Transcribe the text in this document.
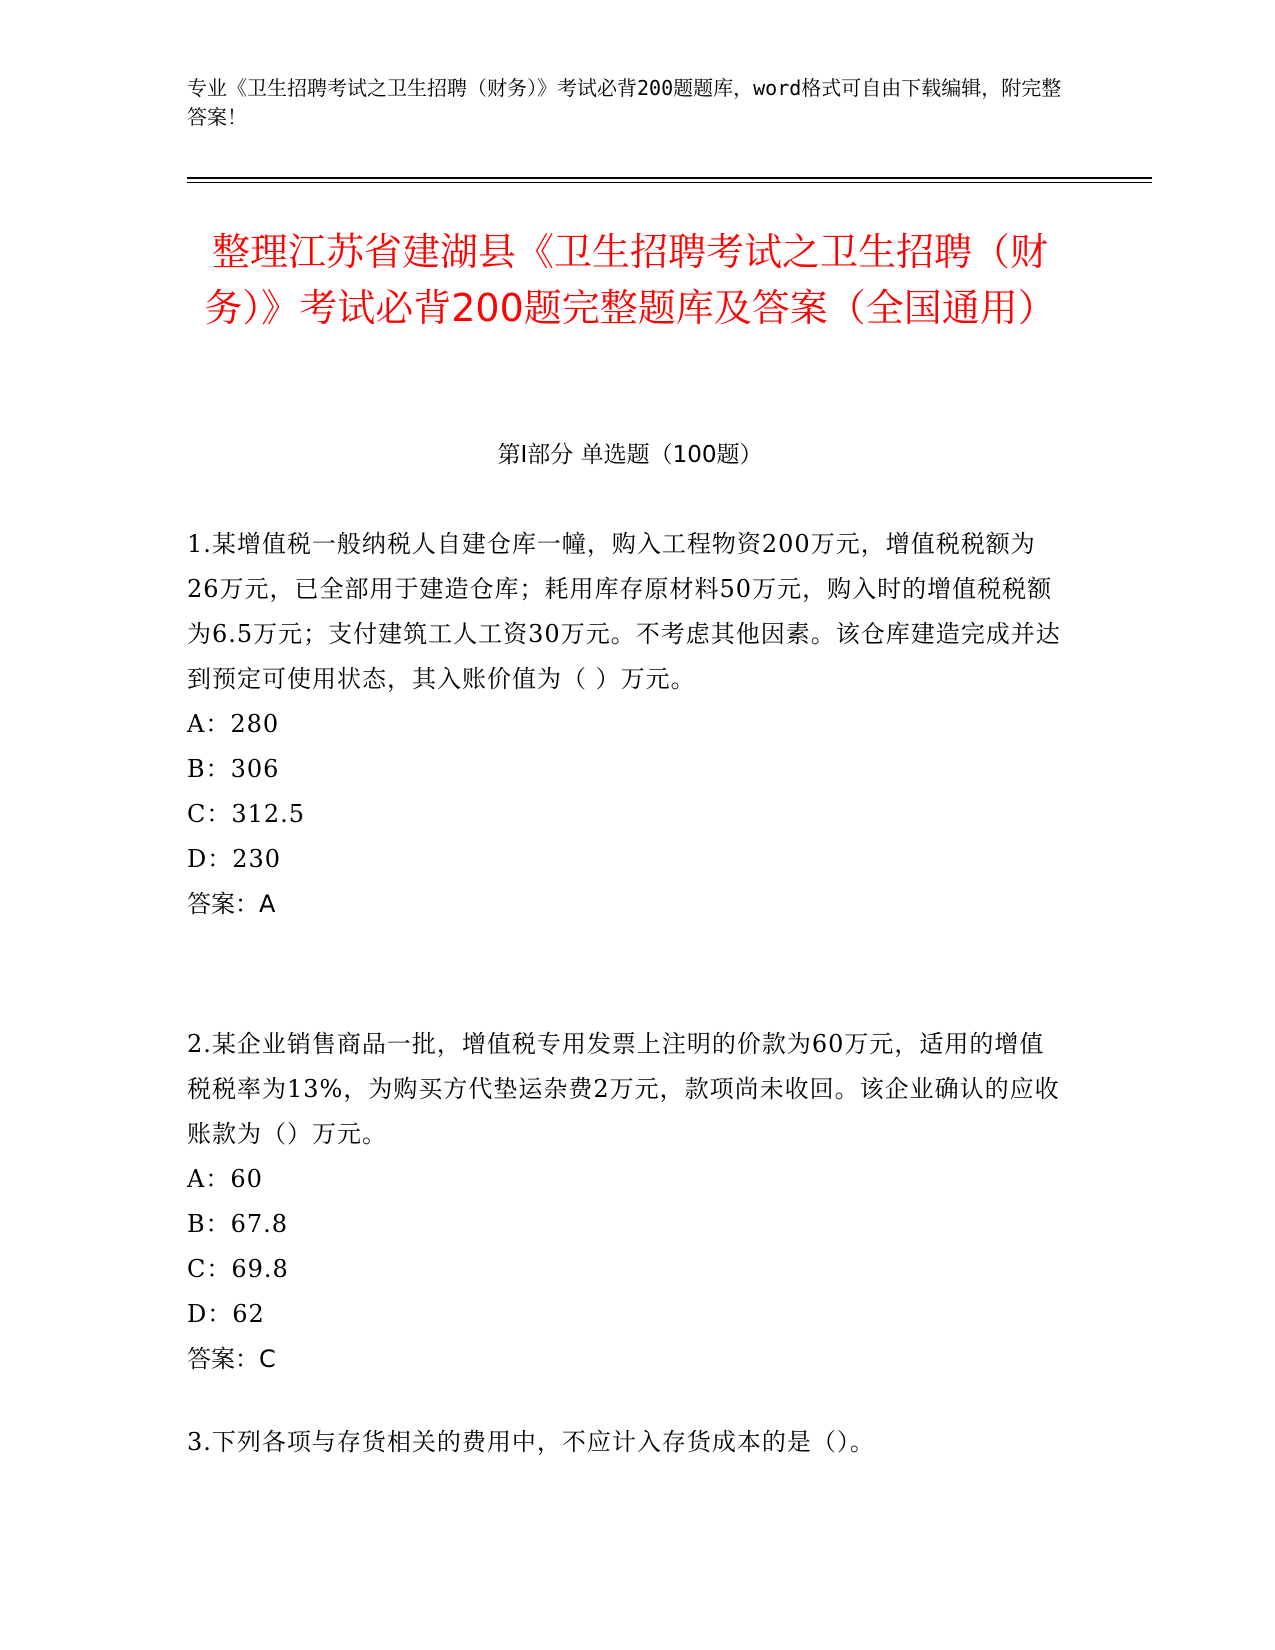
专业《卫生招聘考试之卫生招聘（财务）》考试必背200题题库，word格式可自由下载编辑，附完整答案！
整理江苏省建湖县《卫生招聘考试之卫生招聘（财务）》考试必背200题完整题库及答案（全国通用）
第I部分 单选题（100题）
1.某增值税一般纳税人自建仓库一幢，购入工程物资200万元，增值税税额为26万元，已全部用于建造仓库；耗用库存原材料50万元，购入时的增值税税额为6.5万元；支付建筑工人工资30万元。不考虑其他因素。该仓库建造完成并达到预定可使用状态，其入账价值为（ ）万元。
A：280
B：306
C：312.5
D：230
答案：A
2.某企业销售商品一批，增值税专用发票上注明的价款为60万元，适用的增值税税率为13%，为购买方代垫运杂费2万元，款项尚未收回。该企业确认的应收账款为（）万元。
A：60
B：67.8
C：69.8
D：62
答案：C
3.下列各项与存货相关的费用中，不应计入存货成本的是（）。
